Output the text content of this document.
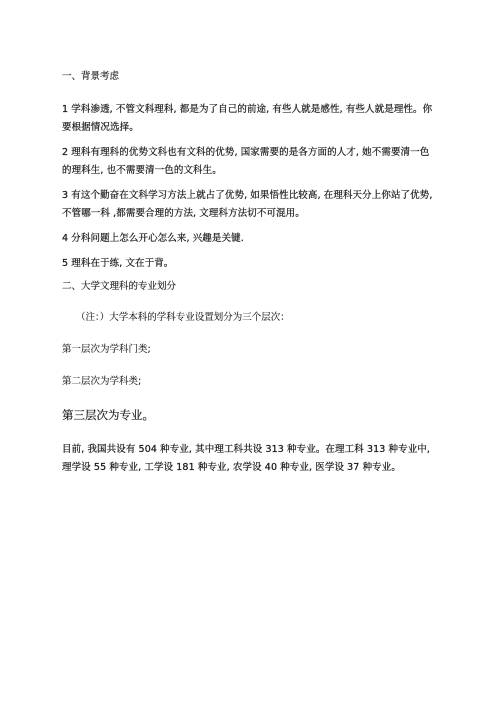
一、背景考虑
1 学科渗透, 不管文科理科, 都是为了自己的前途, 有些人就是感性, 有些人就是理性。你要根据情况选择。
2 理科有理科的优势文科也有文科的优势, 国家需要的是各方面的人才, 她不需要清一色的理科生, 也不需要清一色的文科生。
3 有这个勤奋在文科学习方法上就占了优势, 如果悟性比较高, 在理科天分上你站了优势, 不管哪一科 ,都需要合理的方法, 文理科方法切不可混用。
4 分科问题上怎么开心怎么来, 兴趣是关键.
5 理科在于练, 文在于背。
二、大学文理科的专业划分
（注：）大学本科的学科专业设置划分为三个层次：
第一层次为学科门类;
第二层次为学科类;
第三层次为专业。
目前, 我国共设有 504 种专业, 其中理工科共设 313 种专业。在理工科 313 种专业中, 理学设 55 种专业, 工学设 181 种专业, 农学设 40 种专业, 医学设 37 种专业。
